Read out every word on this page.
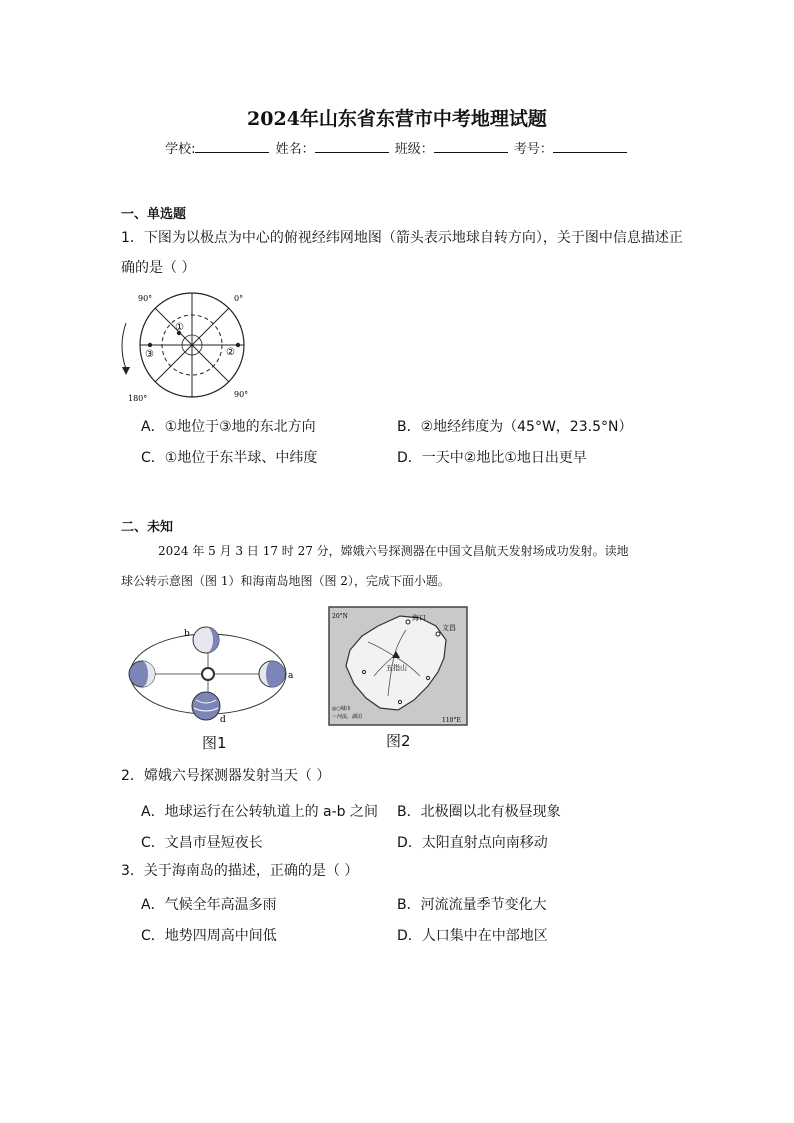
2024年山东省东营市中考地理试题
学校:	姓名：	班级：	考号：
一、单选题
1．下图为以极点为中心的俯视经纬网地图（箭头表示地球自转方向），关于图中信息描述正
确的是（ ）
90°	0°
180°	90°
①
②
③
A．①地位于③地的东北方向	B．②地经纬度为（45°W，23.5°N）
C．①地位于东半球、中纬度	D．一天中②地比①地日出更早
二、未知
2024 年 5 月 3 日 17 时 27 分，嫦娥六号探测器在中国文昌航天发射场成功发射。读地
球公转示意图（图 1）和海南岛地图（图 2），完成下面小题。
b
a
d
图1
20°N
110°E
海口
文昌
五指山
◎○城市
～河流、湖泊
图2
2．嫦娥六号探测器发射当天（ ）
A．地球运行在公转轨道上的 a-b 之间 B．北极圈以北有极昼现象
C．文昌市昼短夜长	D．太阳直射点向南移动
3．关于海南岛的描述，正确的是（ ）
A．气候全年高温多雨	B．河流流量季节变化大
C．地势四周高中间低	D．人口集中在中部地区
